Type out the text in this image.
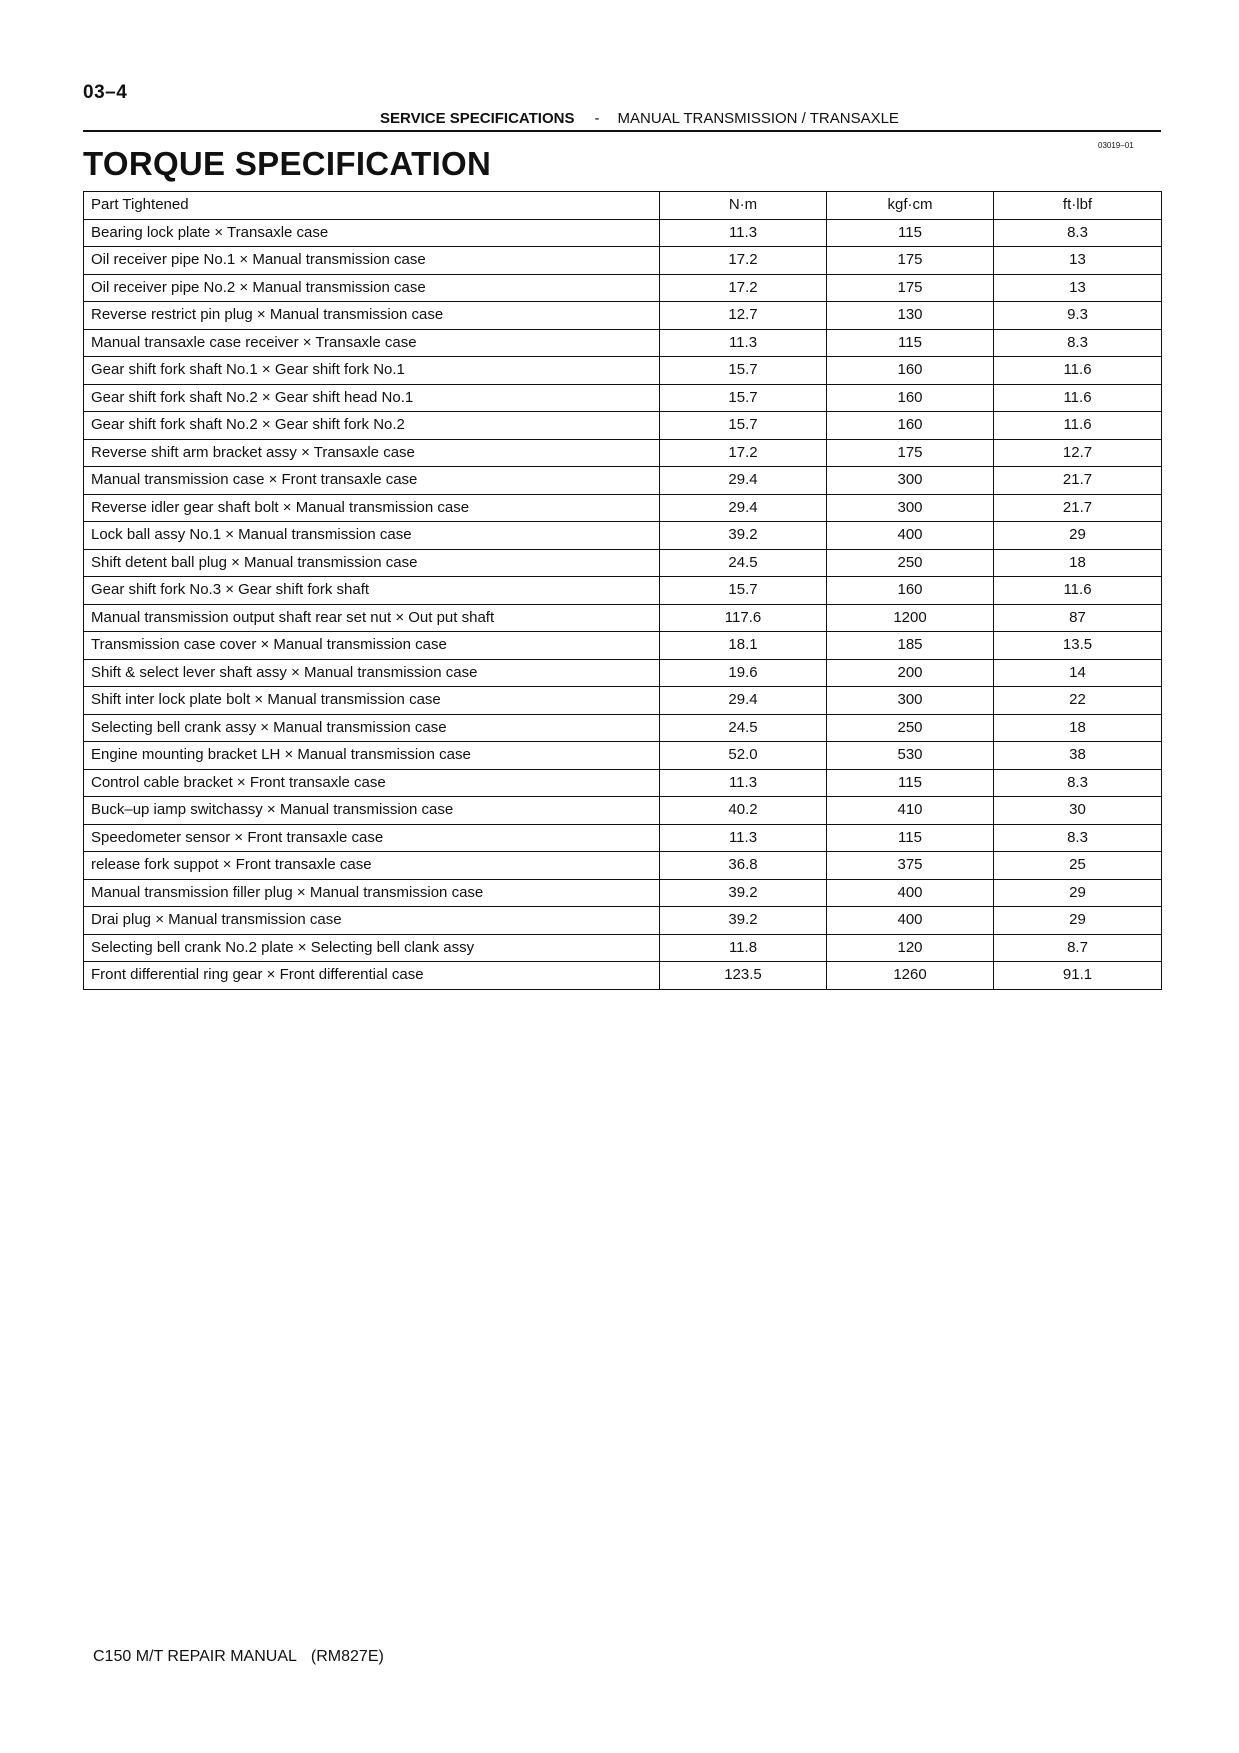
03–4
SERVICE SPECIFICATIONS - MANUAL TRANSMISSION / TRANSAXLE
03019–01
TORQUE SPECIFICATION
Part Tightened	N·m	kgf·cm	ft·lbf
Bearing lock plate × Transaxle case	11.3	115	8.3
Oil receiver pipe No.1 × Manual transmission case	17.2	175	13
Oil receiver pipe No.2 × Manual transmission case	17.2	175	13
Reverse restrict pin plug × Manual transmission case	12.7	130	9.3
Manual transaxle case receiver × Transaxle case	11.3	115	8.3
Gear shift fork shaft No.1 × Gear shift fork No.1	15.7	160	11.6
Gear shift fork shaft No.2 × Gear shift head No.1	15.7	160	11.6
Gear shift fork shaft No.2 × Gear shift fork No.2	15.7	160	11.6
Reverse shift arm bracket assy × Transaxle case	17.2	175	12.7
Manual transmission case × Front transaxle case	29.4	300	21.7
Reverse idler gear shaft bolt × Manual transmission case	29.4	300	21.7
Lock ball assy No.1 × Manual transmission case	39.2	400	29
Shift detent ball plug × Manual transmission case	24.5	250	18
Gear shift fork No.3 × Gear shift fork shaft	15.7	160	11.6
Manual transmission output shaft rear set nut × Out put shaft	117.6	1200	87
Transmission case cover × Manual transmission case	18.1	185	13.5
Shift & select lever shaft assy × Manual transmission case	19.6	200	14
Shift inter lock plate bolt × Manual transmission case	29.4	300	22
Selecting bell crank assy × Manual transmission case	24.5	250	18
Engine mounting bracket LH × Manual transmission case	52.0	530	38
Control cable bracket × Front transaxle case	11.3	115	8.3
Buck–up iamp switchassy × Manual transmission case	40.2	410	30
Speedometer sensor × Front transaxle case	11.3	115	8.3
release fork suppot × Front transaxle case	36.8	375	25
Manual transmission filler plug × Manual transmission case	39.2	400	29
Drai plug × Manual transmission case	39.2	400	29
Selecting bell crank No.2 plate × Selecting bell clank assy	11.8	120	8.7
Front differential ring gear × Front differential case	123.5	1260	91.1
C150 M/T REPAIR MANUAL (RM827E)
